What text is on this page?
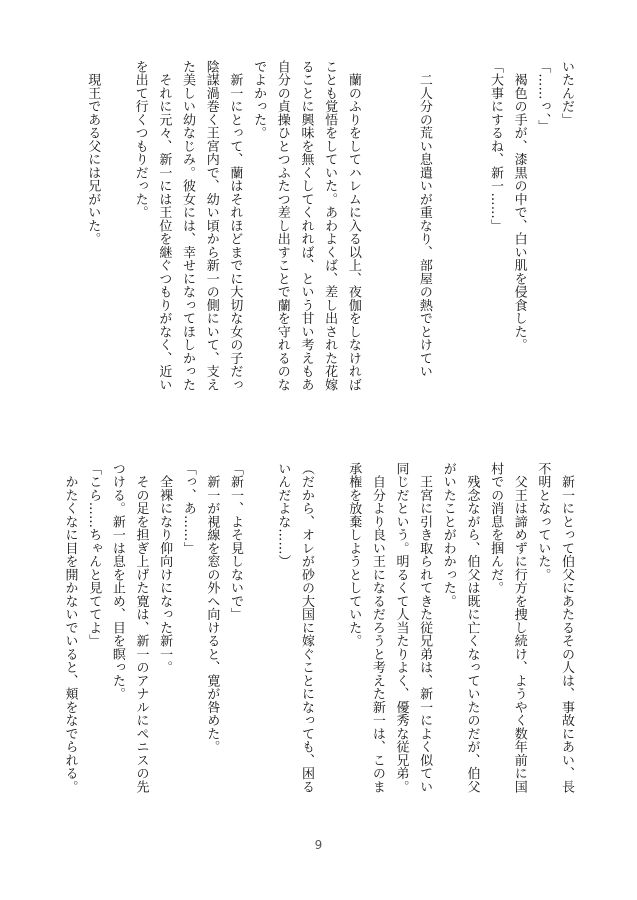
いたんだ」
「……っ、」
　褐色の手が、漆黒の中で、白い肌を侵食した。
「大事にするね、新一……」
　二人分の荒い息遣いが重なり、部屋の熱でとけてい
　蘭のふりをしてハレムに入る以上、夜伽をしなければ
ことも覚悟をしていた。あわよくば、差し出された花嫁
ることに興味を無くしてくれれば、という甘い考えもあ
自分の貞操ひとつふたつ差し出すことで蘭を守れるのな
でよかった。
　新一にとって、蘭はそれほどまでに大切な女の子だっ
陰謀渦巻く王宮内で、幼い頃から新一の側にいて、支え
た美しい幼なじみ。彼女には、幸せになってほしかった
　それに元々、新一には王位を継ぐつもりがなく、近い
を出て行くつもりだった。
　現王である父には兄がいた。
　新一にとって伯父にあたるその人は、事故にあい、長
不明となっていた。
　父王は諦めずに行方を捜し続け、ようやく数年前に国
村での消息を掴んだ。
　残念ながら、伯父は既に亡くなっていたのだが、伯父
がいたことがわかった。
　王宮に引き取られてきた従兄弟は、新一によく似てい
同じだという。明るくて人当たりよく、優秀な従兄弟。
　自分より良い王になるだろうと考えた新一は、このま
承権を放棄しようとしていた。
（だから、オレが砂の大国に嫁ぐことになっても、困る
いんだよな……）
「新一、よそ見しないで」
　新一が視線を窓の外へ向けると、寛が咎めた。
「っ、あ……」
　全裸になり仰向けになった新一。
　その足を担ぎ上げた寛は、新一のアナルにペニスの先
つける。新一は息を止め、目を瞑った。
「こら……ちゃんと見ててよ」
　かたくなに目を開かないでいると、頬をなでられる。
9
